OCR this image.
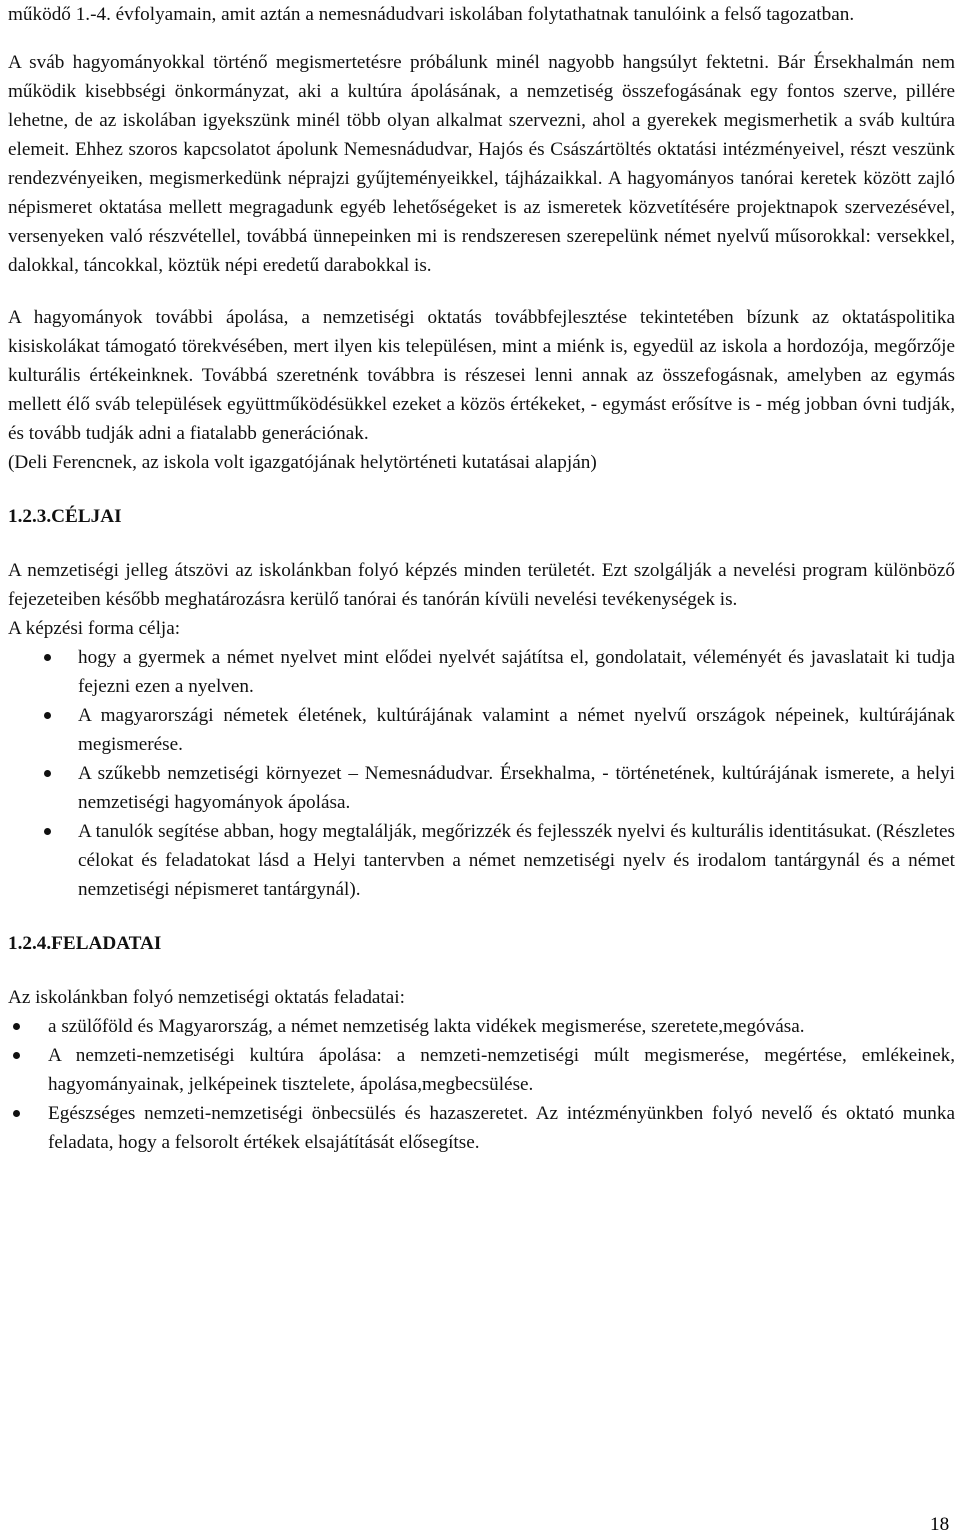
működő 1.-4. évfolyamain, amit aztán a nemesnádudvari iskolában folytathatnak tanulóink a felső tagozatban.

A sváb hagyományokkal történő megismertetésre próbálunk minél nagyobb hangsúlyt fektetni. Bár Érsekhalmán nem működik kisebbségi önkormányzat, aki a kultúra ápolásának, a nemzetiség összefogásának egy fontos szerve, pillére lehetne, de az iskolában igyekszünk minél több olyan alkalmat szervezni, ahol a gyerekek megismerhetik a sváb kultúra elemeit. Ehhez szoros kapcsolatot ápolunk Nemesnádudvar, Hajós és Császártöltés oktatási intézményeivel, részt veszünk rendezvényeiken, megismerkedünk néprajzi gyűjteményeikkel, tájházaikkal. A hagyományos tanórai keretek között zajló népismeret oktatása mellett megragadunk egyéb lehetőségeket is az ismeretek közvetítésére projektnapok szervezésével, versenyeken való részvétellel, továbbá ünnepeinken mi is rendszeresen szerepelünk német nyelvű műsorokkal: versekkel, dalokkal, táncokkal, köztük népi eredetű darabokkal is.

A hagyományok további ápolása, a nemzetiségi oktatás továbbfejlesztése tekintetében bízunk az oktatáspolitika kisiskolákat támogató törekvésében, mert ilyen kis településen, mint a miénk is, egyedül az iskola a hordozója, megőrzője kulturális értékeinknek. Továbbá szeretnénk továbbra is részesei lenni annak az összefogásnak, amelyben az egymás mellett élő sváb települések együttműködésükkel ezeket a közös értékeket, - egymást erősítve is - még jobban óvni tudják, és tovább tudják adni a fiatalabb generációnak.

(Deli Ferencnek, az iskola volt igazgatójának helytörténeti kutatásai alapján)

1.2.3.CÉLJAI

A nemzetiségi jelleg átszövi az iskolánkban folyó képzés minden területét. Ezt szolgálják a nevelési program különböző fejezeteiben később meghatározásra kerülő tanórai és tanórán kívüli nevelési tevékenységek is.

A képzési forma célja:

hogy a gyermek a német nyelvet mint elődei nyelvét sajátítsa el, gondolatait, véleményét és javaslatait ki tudja fejezni ezen a nyelven.
A magyarországi németek életének, kultúrájának valamint a német nyelvű országok népeinek, kultúrájának megismerése.
A szűkebb nemzetiségi környezet – Nemesnádudvar. Érsekhalma, - történetének, kultúrájának ismerete, a helyi nemzetiségi hagyományok ápolása.
A tanulók segítése abban, hogy megtalálják, megőrizzék és fejlesszék nyelvi és kulturális identitásukat. (Részletes célokat és feladatokat lásd a Helyi tantervben a német nemzetiségi nyelv és irodalom tantárgynál és a német nemzetiségi népismeret tantárgynál).

1.2.4.FELADATAI

Az iskolánkban folyó nemzetiségi oktatás feladatai:

a szülőföld és Magyarország, a német nemzetiség lakta vidékek megismerése, szeretete,megóvása.
A nemzeti-nemzetiségi kultúra ápolása: a nemzeti-nemzetiségi múlt megismerése, megértése, emlékeinek, hagyományainak, jelképeinek tisztelete, ápolása,megbecsülése.
Egészséges nemzeti-nemzetiségi önbecsülés és hazaszeretet. Az intézményünkben folyó nevelő és oktató munka feladata, hogy a felsorolt értékek elsajátítását elősegítse.
18
